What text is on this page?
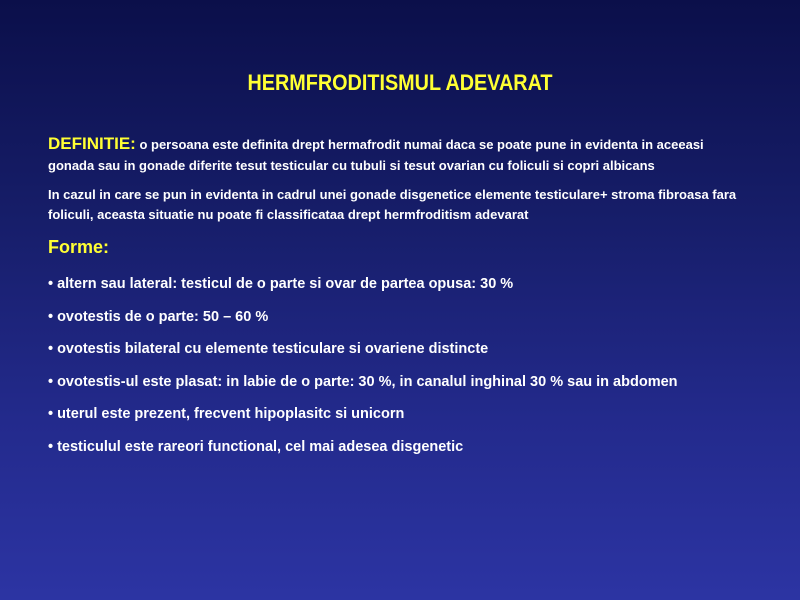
HERMFRODITISMUL ADEVARAT
DEFINITIE: o persoana este definita drept hermafrodit numai daca se poate pune in evidenta in aceeasi gonada sau in gonade diferite tesut testicular cu tubuli si tesut ovarian cu foliculi si copri albicans
In cazul in care se pun in evidenta in cadrul unei gonade disgenetice elemente testiculare+ stroma fibroasa fara foliculi, aceasta situatie nu poate fi classificataa drept hermfroditism adevarat
Forme:
• altern sau lateral: testicul de o parte si ovar de partea opusa: 30 %
• ovotestis de o parte: 50 – 60 %
• ovotestis bilateral cu elemente testiculare si ovariene distincte
• ovotestis-ul este plasat: in labie de o parte: 30 %, in canalul inghinal 30 % sau in abdomen
• uterul este prezent, frecvent hipoplasitc si unicorn
• testiculul este rareori functional, cel mai adesea disgenetic
